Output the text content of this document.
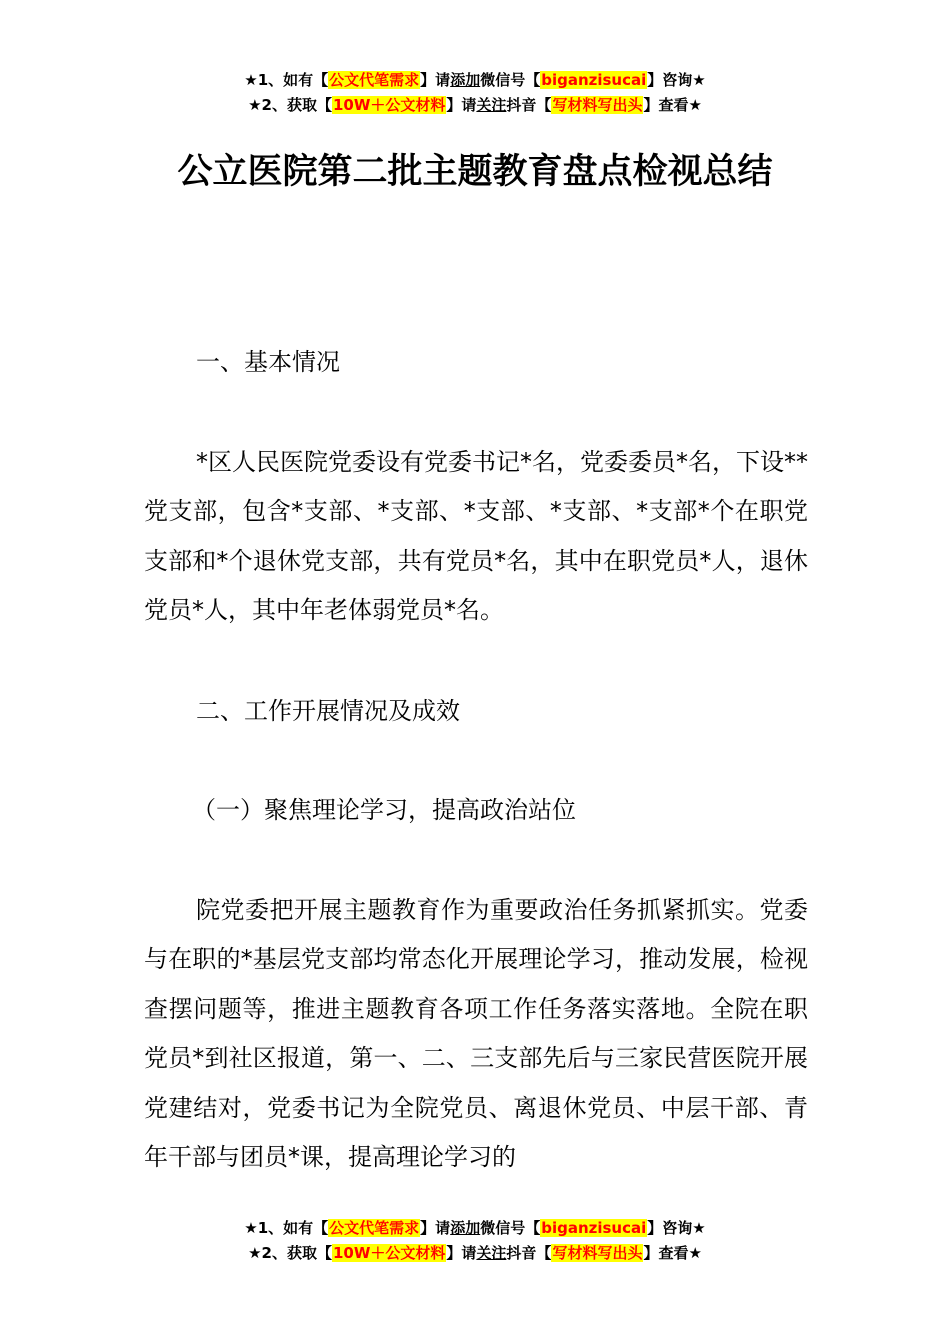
★1、如有【公文代笔需求】请添加微信号【biganzisucai】咨询★
★2、获取【10W＋公文材料】请关注抖音【写材料写出头】查看★
公立医院第二批主题教育盘点检视总结
一、基本情况

*区人民医院党委设有党委书记*名，党委委员*名，下设**党支部，包含*支部、*支部、*支部、*支部、*支部*个在职党支部和*个退休党支部，共有党员*名，其中在职党员*人，退休党员*人，其中年老体弱党员*名。

二、工作开展情况及成效
（一）聚焦理论学习，提高政治站位

院党委把开展主题教育作为重要政治任务抓紧抓实。党委与在职的*基层党支部均常态化开展理论学习，推动发展，检视查摆问题等，推进主题教育各项工作任务落实落地。全院在职党员*到社区报道，第一、二、三支部先后与三家民营医院开展党建结对，党委书记为全院党员、离退休党员、中层干部、青年干部与团员*课，提高理论学习的

★1、如有【公文代笔需求】请添加微信号【biganzisucai】咨询★
★2、获取【10W＋公文材料】请关注抖音【写材料写出头】查看★
